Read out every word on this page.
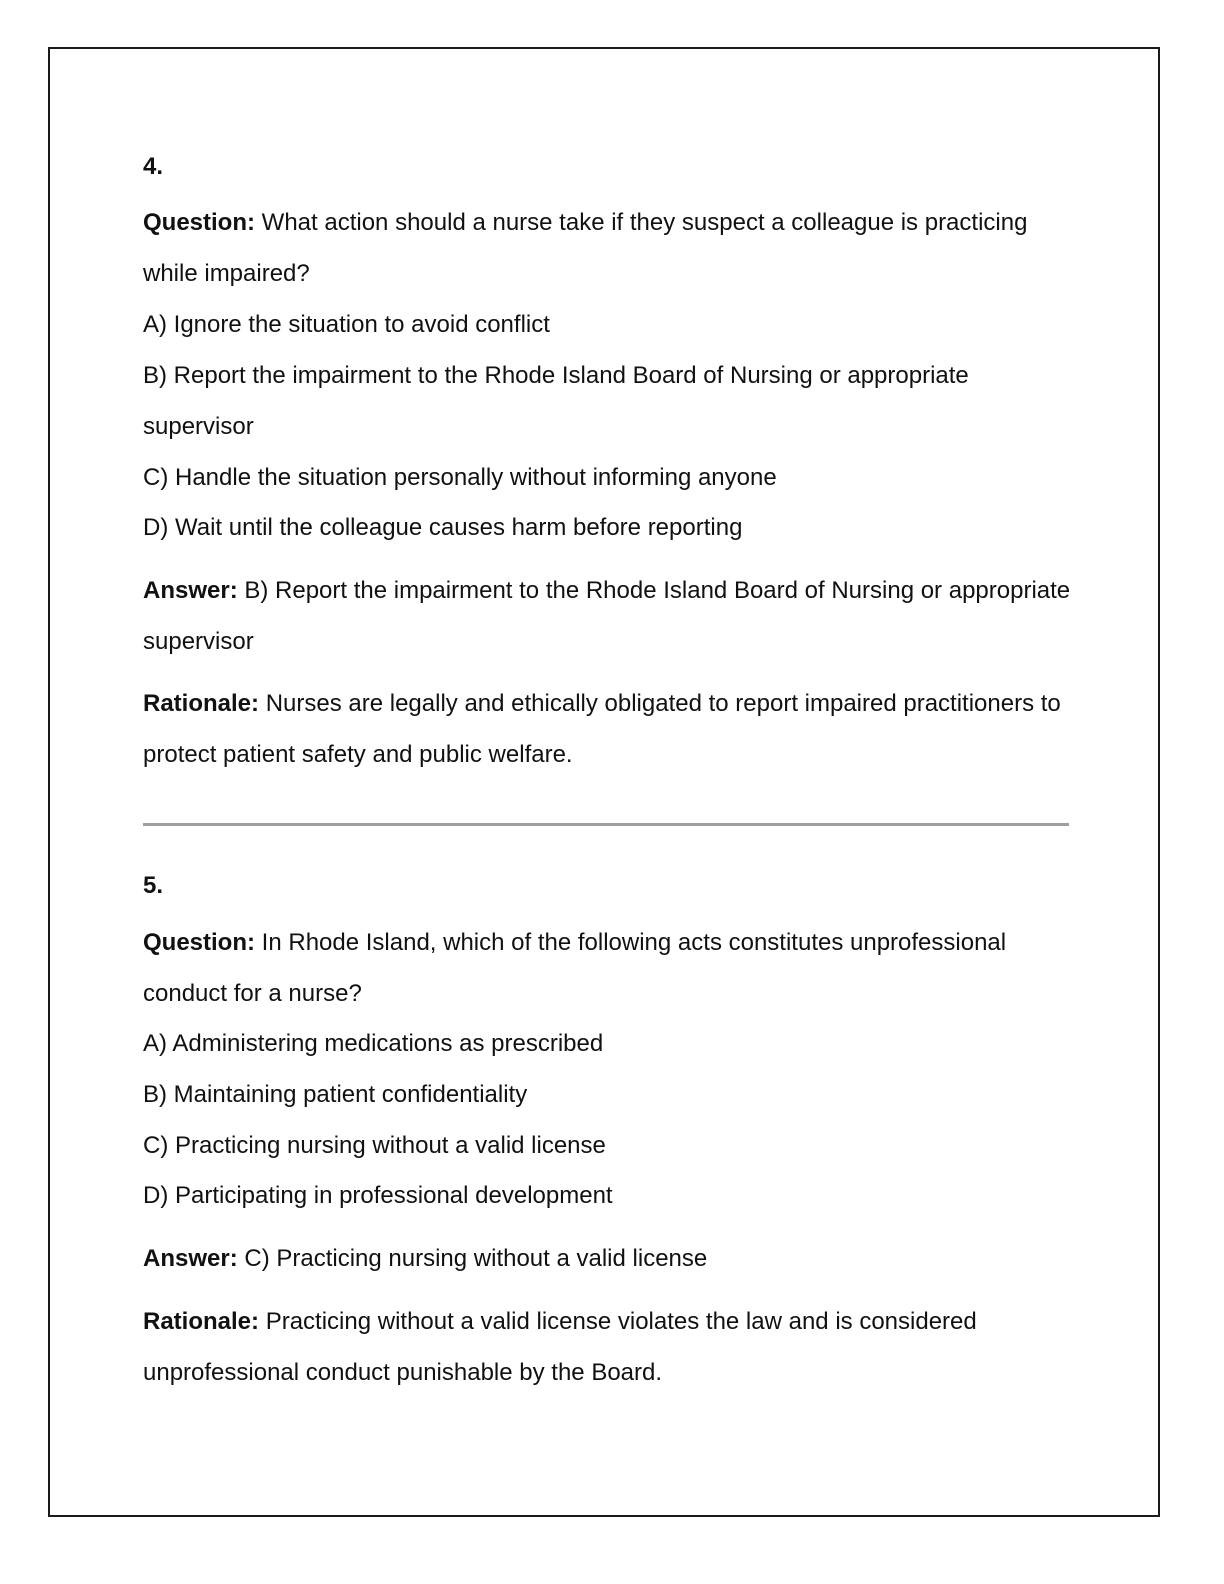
4.
Question: What action should a nurse take if they suspect a colleague is practicing while impaired?
A) Ignore the situation to avoid conflict
B) Report the impairment to the Rhode Island Board of Nursing or appropriate supervisor
C) Handle the situation personally without informing anyone
D) Wait until the colleague causes harm before reporting
Answer: B) Report the impairment to the Rhode Island Board of Nursing or appropriate supervisor
Rationale: Nurses are legally and ethically obligated to report impaired practitioners to protect patient safety and public welfare.
5.
Question: In Rhode Island, which of the following acts constitutes unprofessional conduct for a nurse?
A) Administering medications as prescribed
B) Maintaining patient confidentiality
C) Practicing nursing without a valid license
D) Participating in professional development
Answer: C) Practicing nursing without a valid license
Rationale: Practicing without a valid license violates the law and is considered unprofessional conduct punishable by the Board.
